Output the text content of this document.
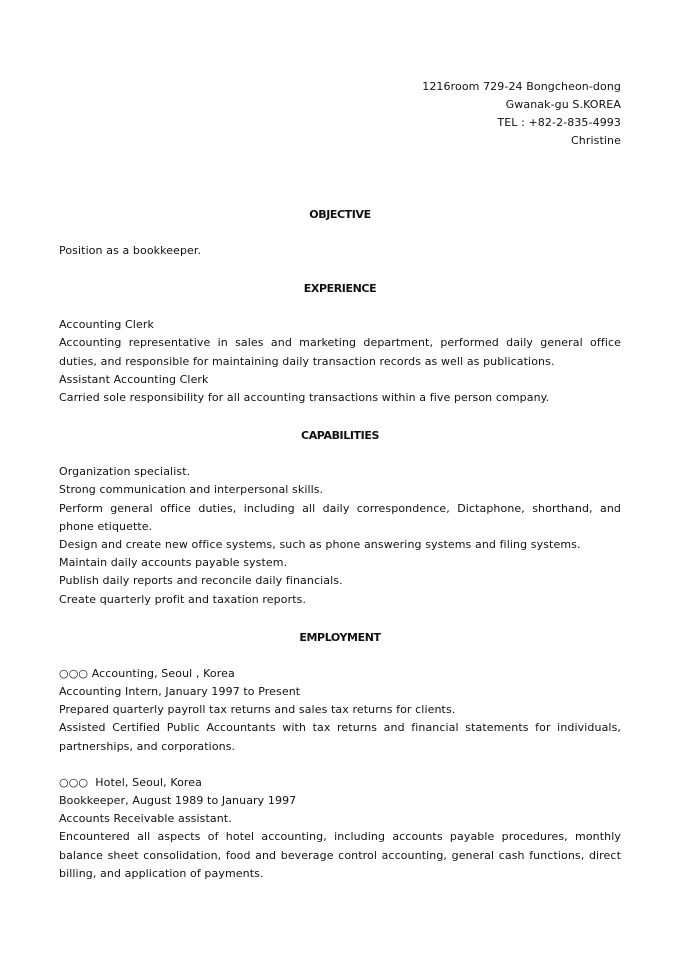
1216room 729-24 Bongcheon-dong
Gwanak-gu S.KOREA
TEL : +82-2-835-4993
Christine
OBJECTIVE
Position as a bookkeeper.
EXPERIENCE
Accounting Clerk
Accounting representative in sales and marketing department, performed daily general office duties, and responsible for maintaining daily transaction records as well as publications.
Assistant Accounting Clerk
Carried sole responsibility for all accounting transactions within a five person company.
CAPABILITIES
Organization specialist.
Strong communication and interpersonal skills.
Perform general office duties, including all daily correspondence, Dictaphone, shorthand, and phone etiquette.
Design and create new office systems, such as phone answering systems and filing systems.
Maintain daily accounts payable system.
Publish daily reports and reconcile daily financials.
Create quarterly profit and taxation reports.
EMPLOYMENT
○○○ Accounting, Seoul , Korea
Accounting Intern, January 1997 to Present
Prepared quarterly payroll tax returns and sales tax returns for clients.
Assisted Certified Public Accountants with tax returns and financial statements for individuals, partnerships, and corporations.
○○○  Hotel, Seoul, Korea
Bookkeeper, August 1989 to January 1997
Accounts Receivable assistant.
Encountered all aspects of hotel accounting, including accounts payable procedures, monthly balance sheet consolidation, food and beverage control accounting, general cash functions, direct billing, and application of payments.
